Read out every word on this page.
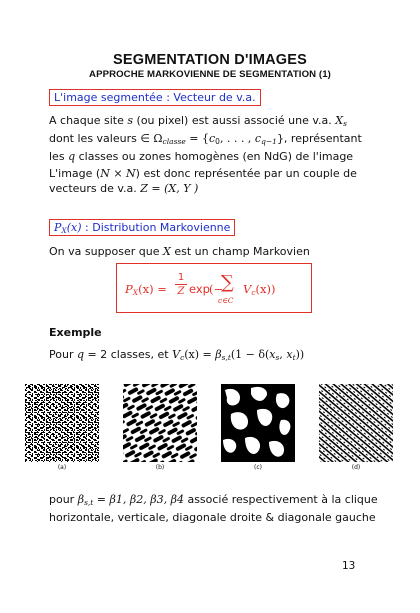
SEGMENTATION D'IMAGES
APPROCHE MARKOVIENNE DE SEGMENTATION (1)
L'image segmentée : Vecteur de v.a.
A chaque site s (ou pixel) est aussi associé une v.a. $X_s$
dont les valeurs ∈ $\Omega_{classe} = \{c_0$, . . . , $c_{q-1}$}, représentant
les q classes ou zones homogènes (en NdG) de l'image
L'image (N × N) est donc représentée par un couple de
vecteurs de v.a. Z = (X, Y )
$P_X(x)$ : Distribution Markovienne
On va supposer que X est un champ Markovien
$P_X(x)$ =
1
Z exp (−
∑
c∈C
$V_c(x)$)
Exemple
Pour q = 2 classes, et $V_c(x) = \beta_{s,t}(1 - \delta(x_s$, $x_t$))
(a)	(b)	(c)	(d)
pour $\beta_{s,t} = \beta 1$, β2, β3, β4 associé respectivement à la clique
horizontale, verticale, diagonale droite & diagonale gauche
13
